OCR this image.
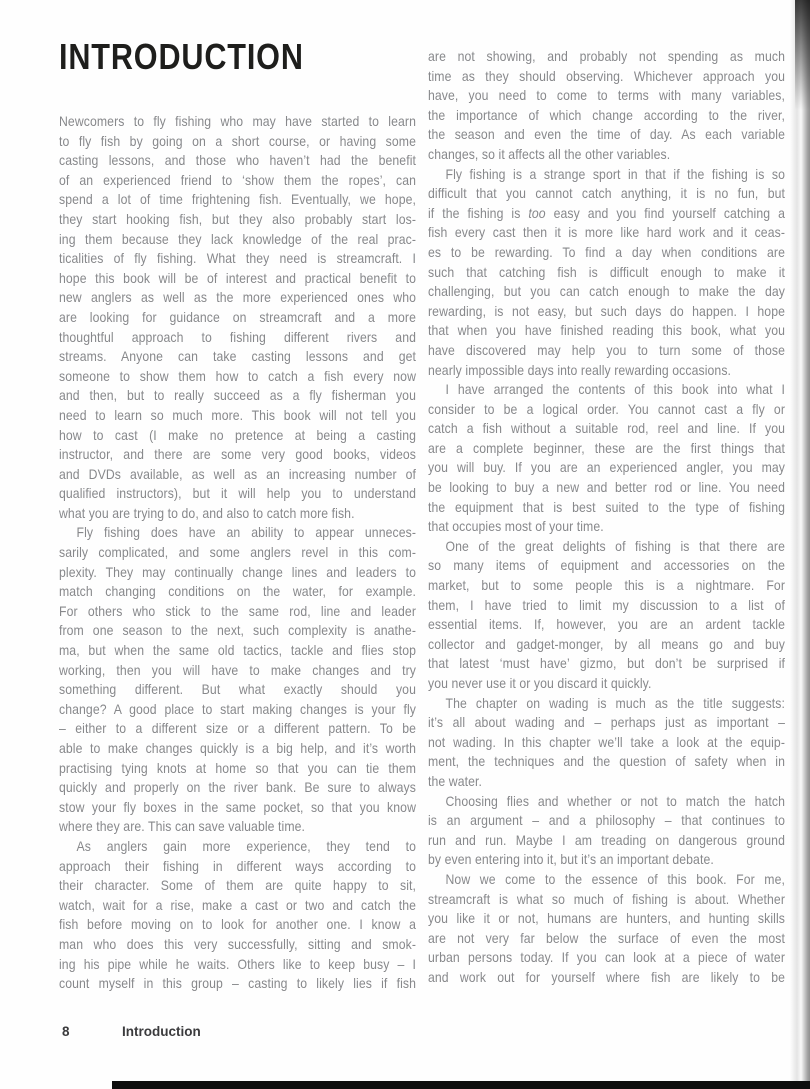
INTRODUCTION
Newcomers to fly fishing who may have started to learn
to fly fish by going on a short course, or having some
casting lessons, and those who haven’t had the benefit
of an experienced friend to ‘show them the ropes’, can
spend a lot of time frightening fish. Eventually, we hope,
they start hooking fish, but they also probably start los-
ing them because they lack knowledge of the real prac-
ticalities of fly fishing. What they need is streamcraft. I
hope this book will be of interest and practical benefit to
new anglers as well as the more experienced ones who
are looking for guidance on streamcraft and a more
thoughtful approach to fishing different rivers and
streams. Anyone can take casting lessons and get
someone to show them how to catch a fish every now
and then, but to really succeed as a fly fisherman you
need to learn so much more. This book will not tell you
how to cast (I make no pretence at being a casting
instructor, and there are some very good books, videos
and DVDs available, as well as an increasing number of
qualified instructors), but it will help you to understand
what you are trying to do, and also to catch more fish.
Fly fishing does have an ability to appear unneces-
sarily complicated, and some anglers revel in this com-
plexity. They may continually change lines and leaders to
match changing conditions on the water, for example.
For others who stick to the same rod, line and leader
from one season to the next, such complexity is anathe-
ma, but when the same old tactics, tackle and flies stop
working, then you will have to make changes and try
something different. But what exactly should you
change? A good place to start making changes is your fly
– either to a different size or a different pattern. To be
able to make changes quickly is a big help, and it’s worth
practising tying knots at home so that you can tie them
quickly and properly on the river bank. Be sure to always
stow your fly boxes in the same pocket, so that you know
where they are. This can save valuable time.
As anglers gain more experience, they tend to
approach their fishing in different ways according to
their character. Some of them are quite happy to sit,
watch, wait for a rise, make a cast or two and catch the
fish before moving on to look for another one. I know a
man who does this very successfully, sitting and smok-
ing his pipe while he waits. Others like to keep busy – I
count myself in this group – casting to likely lies if fish
are not showing, and probably not spending as much
time as they should observing. Whichever approach you
have, you need to come to terms with many variables,
the importance of which change according to the river,
the season and even the time of day. As each variable
changes, so it affects all the other variables.
Fly fishing is a strange sport in that if the fishing is so
difficult that you cannot catch anything, it is no fun, but
if the fishing is too easy and you find yourself catching a
fish every cast then it is more like hard work and it ceas-
es to be rewarding. To find a day when conditions are
such that catching fish is difficult enough to make it
challenging, but you can catch enough to make the day
rewarding, is not easy, but such days do happen. I hope
that when you have finished reading this book, what you
have discovered may help you to turn some of those
nearly impossible days into really rewarding occasions.
I have arranged the contents of this book into what I
consider to be a logical order. You cannot cast a fly or
catch a fish without a suitable rod, reel and line. If you
are a complete beginner, these are the first things that
you will buy. If you are an experienced angler, you may
be looking to buy a new and better rod or line. You need
the equipment that is best suited to the type of fishing
that occupies most of your time.
One of the great delights of fishing is that there are
so many items of equipment and accessories on the
market, but to some people this is a nightmare. For
them, I have tried to limit my discussion to a list of
essential items. If, however, you are an ardent tackle
collector and gadget-monger, by all means go and buy
that latest ‘must have’ gizmo, but don’t be surprised if
you never use it or you discard it quickly.
The chapter on wading is much as the title suggests:
it’s all about wading and – perhaps just as important –
not wading. In this chapter we’ll take a look at the equip-
ment, the techniques and the question of safety when in
the water.
Choosing flies and whether or not to match the hatch
is an argument – and a philosophy – that continues to
run and run. Maybe I am treading on dangerous ground
by even entering into it, but it’s an important debate.
Now we come to the essence of this book. For me,
streamcraft is what so much of fishing is about. Whether
you like it or not, humans are hunters, and hunting skills
are not very far below the surface of even the most
urban persons today. If you can look at a piece of water
and work out for yourself where fish are likely to be
8	Introduction
